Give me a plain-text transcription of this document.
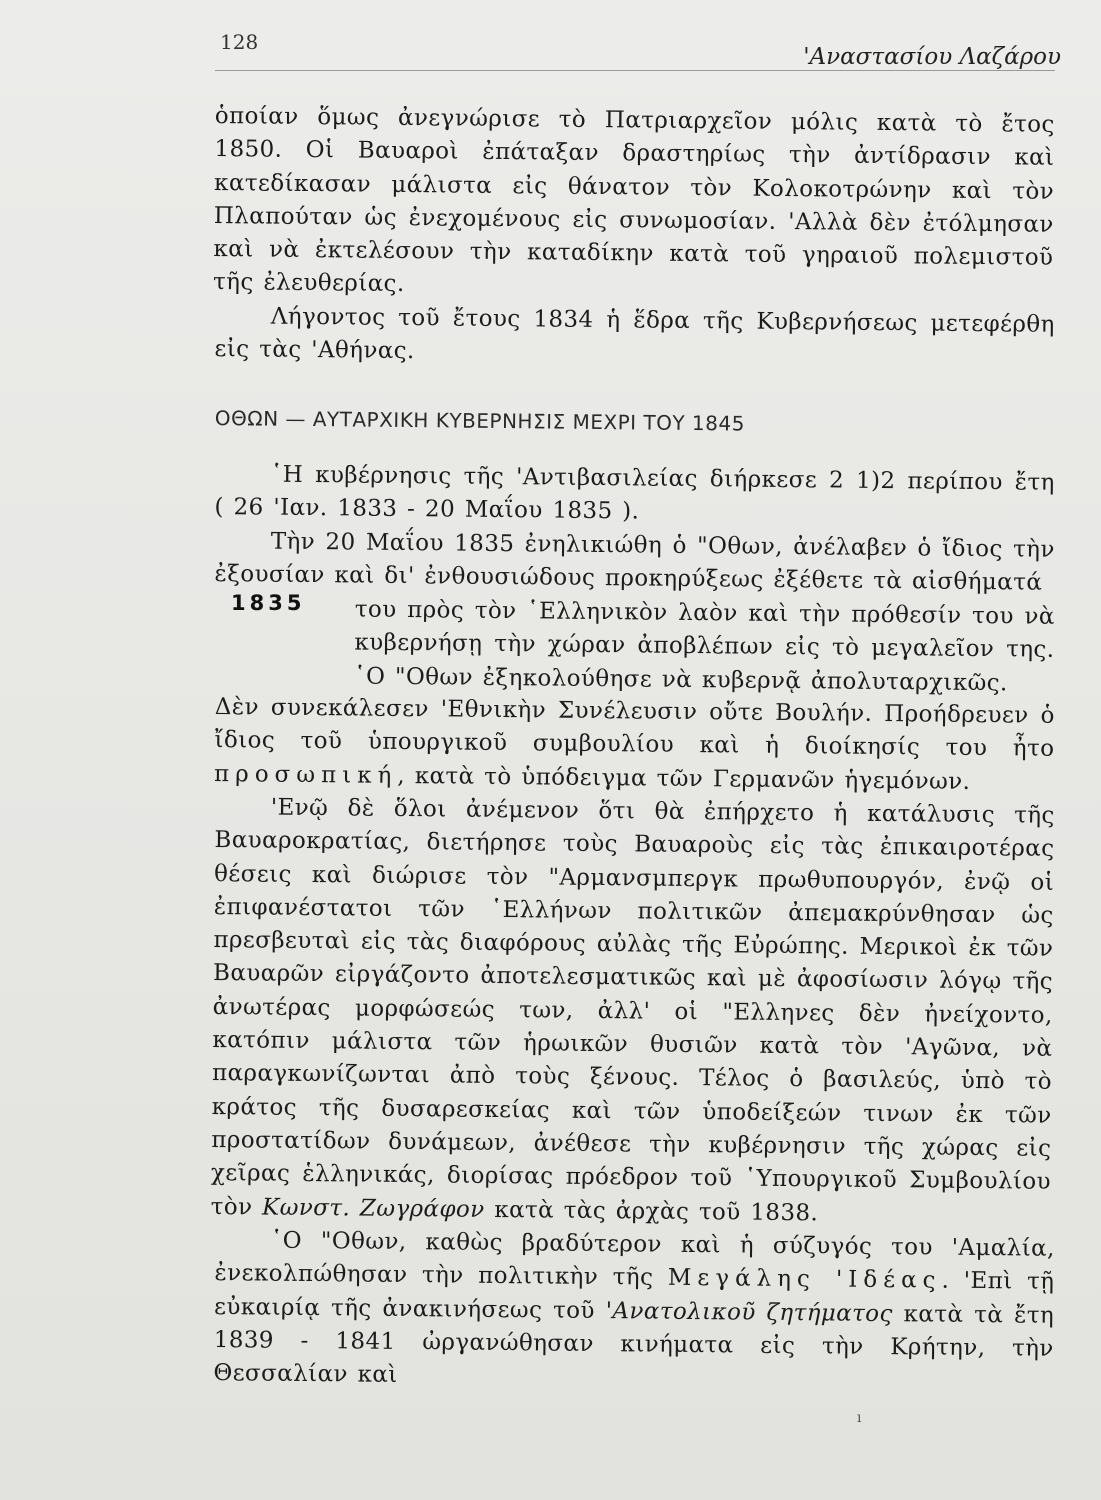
128
'Αναστασίου Λαζάρου

ὁποίαν ὅμως ἀνεγνώρισε τὸ Πατριαρχεῖον μόλις κατὰ τὸ ἔτος 1850. Οἱ Βαυαροὶ ἐπάταξαν δραστηρίως τὴν ἀντίδρασιν καὶ κατεδίκασαν μάλιστα εἰς θάνατον τὸν Κολοκοτρώνην καὶ τὸν Πλαπούταν ὡς ἐνεχομένους εἰς συνωμοσίαν. 'Αλλὰ δὲν ἐτόλμησαν καὶ νὰ ἐκτελέσουν τὴν καταδίκην κατὰ τοῦ γηραιοῦ πολεμιστοῦ τῆς ἐλευθερίας.

Λήγοντος τοῦ ἔτους 1834 ἡ ἕδρα τῆς Κυβερνήσεως μετεφέρθη εἰς τὰς 'Αθήνας.

ΟΘΩΝ — ΑΥΤΑΡΧΙΚΗ ΚΥΒΕΡΝΗΣΙΣ ΜΕΧΡΙ ΤΟΥ 1845

῾Η κυβέρνησις τῆς 'Αντιβασιλείας διήρκεσε 2 1)2 περίπου ἔτη ( 26 'Ιαν. 1833 - 20 Μαΐου 1835 ).

1835

Τὴν 20 Μαΐου 1835 ἐνηλικιώθη ὁ "Οθων, ἀνέλαβεν ὁ ἴδιος τὴν ἐξουσίαν καὶ δι' ἐνθουσιώδους προκηρύξεως ἐξέθετε τὰ αἰσθήματά

του πρὸς τὸν ῾Ελληνικὸν λαὸν καὶ τὴν πρόθεσίν του νὰ κυβερνήσῃ τὴν χώραν ἀποβλέπων εἰς τὸ μεγαλεῖον της. ῾Ο "Οθων ἐξηκολούθησε νὰ κυβερνᾷ ἀπολυταρχικῶς.

Δὲν συνεκάλεσεν 'Εθνικὴν Συνέλευσιν οὔτε Βουλήν. Προήδρευεν ὁ ἴδιος τοῦ ὑπουργικοῦ συμβουλίου καὶ ἡ διοίκησίς του ἦτο προσωπική, κατὰ τὸ ὑπόδειγμα τῶν Γερμανῶν ἡγεμόνων.

'Ενῷ δὲ ὅλοι ἀνέμενον ὅτι θὰ ἐπήρχετο ἡ κατάλυσις τῆς Βαυαροκρατίας, διετήρησε τοὺς Βαυαροὺς εἰς τὰς ἐπικαιροτέρας θέσεις καὶ διώρισε τὸν "Αρμανσμπεργκ πρωθυπουργόν, ἐνῷ οἱ ἐπιφανέστατοι τῶν ῾Ελλήνων πολιτικῶν ἀπεμακρύνθησαν ὡς πρεσβευταὶ εἰς τὰς διαφόρους αὐλὰς τῆς Εὐρώπης. Μερικοὶ ἐκ τῶν Βαυαρῶν εἰργάζοντο ἀποτελεσματικῶς καὶ μὲ ἀφοσίωσιν λόγῳ τῆς ἀνωτέρας μορφώσεώς των, ἀλλ' οἱ "Ελληνες δὲν ἠνείχοντο, κατόπιν μάλιστα τῶν ἡρωικῶν θυσιῶν κατὰ τὸν 'Αγῶνα, νὰ παραγκωνίζωνται ἀπὸ τοὺς ξένους. Τέλος ὁ βασιλεύς, ὑπὸ τὸ κράτος τῆς δυσαρεσκείας καὶ τῶν ὑποδείξεών τινων ἐκ τῶν προστατίδων δυνάμεων, ἀνέθεσε τὴν κυβέρνησιν τῆς χώρας εἰς χεῖρας ἑλληνικάς, διορίσας πρόεδρον τοῦ ῾Υπουργικοῦ Συμβουλίου τὸν Κωνστ. Ζωγράφον κατὰ τὰς ἀρχὰς τοῦ 1838.

῾Ο "Οθων, καθὼς βραδύτερον καὶ ἡ σύζυγός του 'Αμαλία, ἐνεκολπώθησαν τὴν πολιτικὴν τῆς Μεγάλης 'Ιδέας. 'Επὶ τῇ εὐκαιρίᾳ τῆς ἀνακινήσεως τοῦ 'Ανατολικοῦ ζητήματος κατὰ τὰ ἔτη 1839 - 1841 ὠργανώθησαν κινήματα εἰς τὴν Κρήτην, τὴν Θεσσαλίαν καὶ

ı
